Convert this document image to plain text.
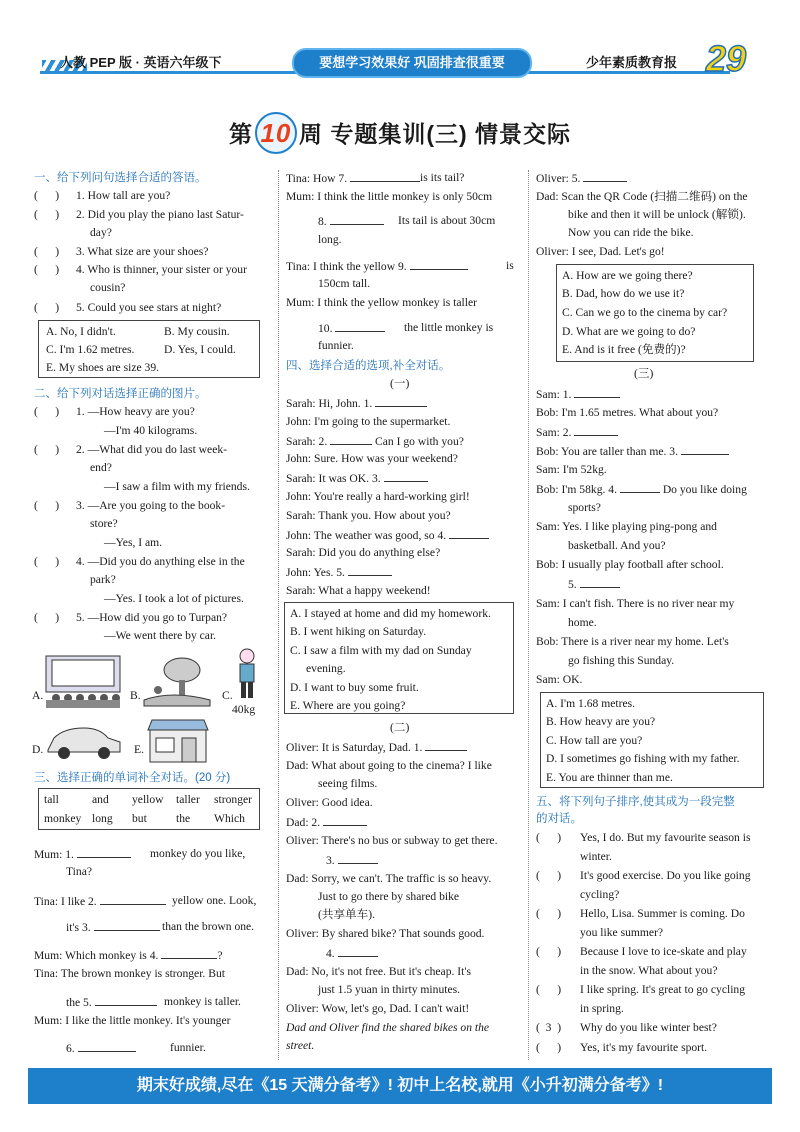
人教 PEP 版 · 英语六年级下	要想学习效果好 巩固排查很重要	少年素质教育报 29
第 10 周 专题集训(三) 情景交际
一、给下列问句选择合适的答语。
(      ) 1. How tall are you?
(      ) 2. Did you play the piano last Satur-
day?
(      ) 3. What size are your shoes?
(      ) 4. Who is thinner, your sister or your
cousin?
(      ) 5. Could you see stars at night?
A. No, I didn't.	B. My cousin.
C. I'm 1.62 metres.	D. Yes, I could.
E. My shoes are size 39.
二、给下列对话选择正确的图片。
(      ) 1. —How heavy are you?
—I'm 40 kilograms.
(      ) 2. —What did you do last week-
end?
—I saw a film with my friends.
(      ) 3. —Are you going to the book-
store?
—Yes, I am.
(      ) 4. —Did you do anything else in the
park?
—Yes. I took a lot of pictures.
(      ) 5. —How did you go to Turpan?
—We went there by car.
A.	B.	C.
40kg
D.	E.
三、选择正确的单词补全对话。(20 分)
tall	and yellow taller stronger
monkey long but	the Which
Mum: 1.	monkey do you like,
Tina?
Tina: I like 2.	yellow one. Look,
it's 3.	than the brown one.
Mum: Which monkey is 4.	?
Tina: The brown monkey is stronger. But
the 5.	monkey is taller.
Mum: I like the little monkey. It's younger
6.	funnier.
Tina: How 7.	is its tail?
Mum: I think the little monkey is only 50cm
8.	Its tail is about 30cm
long.
Tina: I think the yellow 9.	is
150cm tall.
Mum: I think the yellow monkey is taller
10.	the little monkey is
funnier.
四、选择合适的选项,补全对话。
(一)
Sarah: Hi, John. 1.
John: I'm going to the supermarket.
Sarah: 2.	Can I go with you?
John: Sure. How was your weekend?
Sarah: It was OK. 3.
John: You're really a hard-working girl!
Sarah: Thank you. How about you?
John: The weather was good, so 4.
Sarah: Did you do anything else?
John: Yes. 5.
Sarah: What a happy weekend!
A. I stayed at home and did my homework.
B. I went hiking on Saturday.
C. I saw a film with my dad on Sunday
evening.
D. I want to buy some fruit.
E. Where are you going?
(二)
Oliver: It is Saturday, Dad. 1.
Dad: What about going to the cinema? I like
seeing films.
Oliver: Good idea.
Dad: 2.
Oliver: There's no bus or subway to get there.
3.
Dad: Sorry, we can't. The traffic is so heavy.
Just to go there by shared bike
(共享单车).
Oliver: By shared bike? That sounds good.
4.
Dad: No, it's not free. But it's cheap. It's
just 1.5 yuan in thirty minutes.
Oliver: Wow, let's go, Dad. I can't wait!
Dad and Oliver find the shared bikes on the
street.
Oliver: 5.
Dad: Scan the QR Code (扫描二维码) on the
bike and then it will be unlock (解锁).
Now you can ride the bike.
Oliver: I see, Dad. Let's go!
A. How are we going there?
B. Dad, how do we use it?
C. Can we go to the cinema by car?
D. What are we going to do?
E. And is it free (免费的)?
(三)
Sam: 1.
Bob: I'm 1.65 metres. What about you?
Sam: 2.
Bob: You are taller than me. 3.
Sam: I'm 52kg.
Bob: I'm 58kg. 4.	Do you like doing
sports?
Sam: Yes. I like playing ping-pong and
basketball. And you?
Bob: I usually play football after school.
5.
Sam: I can't fish. There is no river near my
home.
Bob: There is a river near my home. Let's
go fishing this Sunday.
Sam: OK.
A. I'm 1.68 metres.
B. How heavy are you?
C. How tall are you?
D. I sometimes go fishing with my father.
E. You are thinner than me.
五、将下列句子排序,使其成为一段完整
的对话。
(      ) Yes, I do. But my favourite season is
winter.
(      ) It's good exercise. Do you like going
cycling?
(      ) Hello, Lisa. Summer is coming. Do
you like summer?
(      ) Because I love to ice-skate and play
in the snow. What about you?
(      ) I like spring. It's great to go cycling
in spring.
(  3  ) Why do you like winter best?
(      ) Yes, it's my favourite sport.
期末好成绩,尽在《15 天满分备考》! 初中上名校,就用《小升初满分备考》!
